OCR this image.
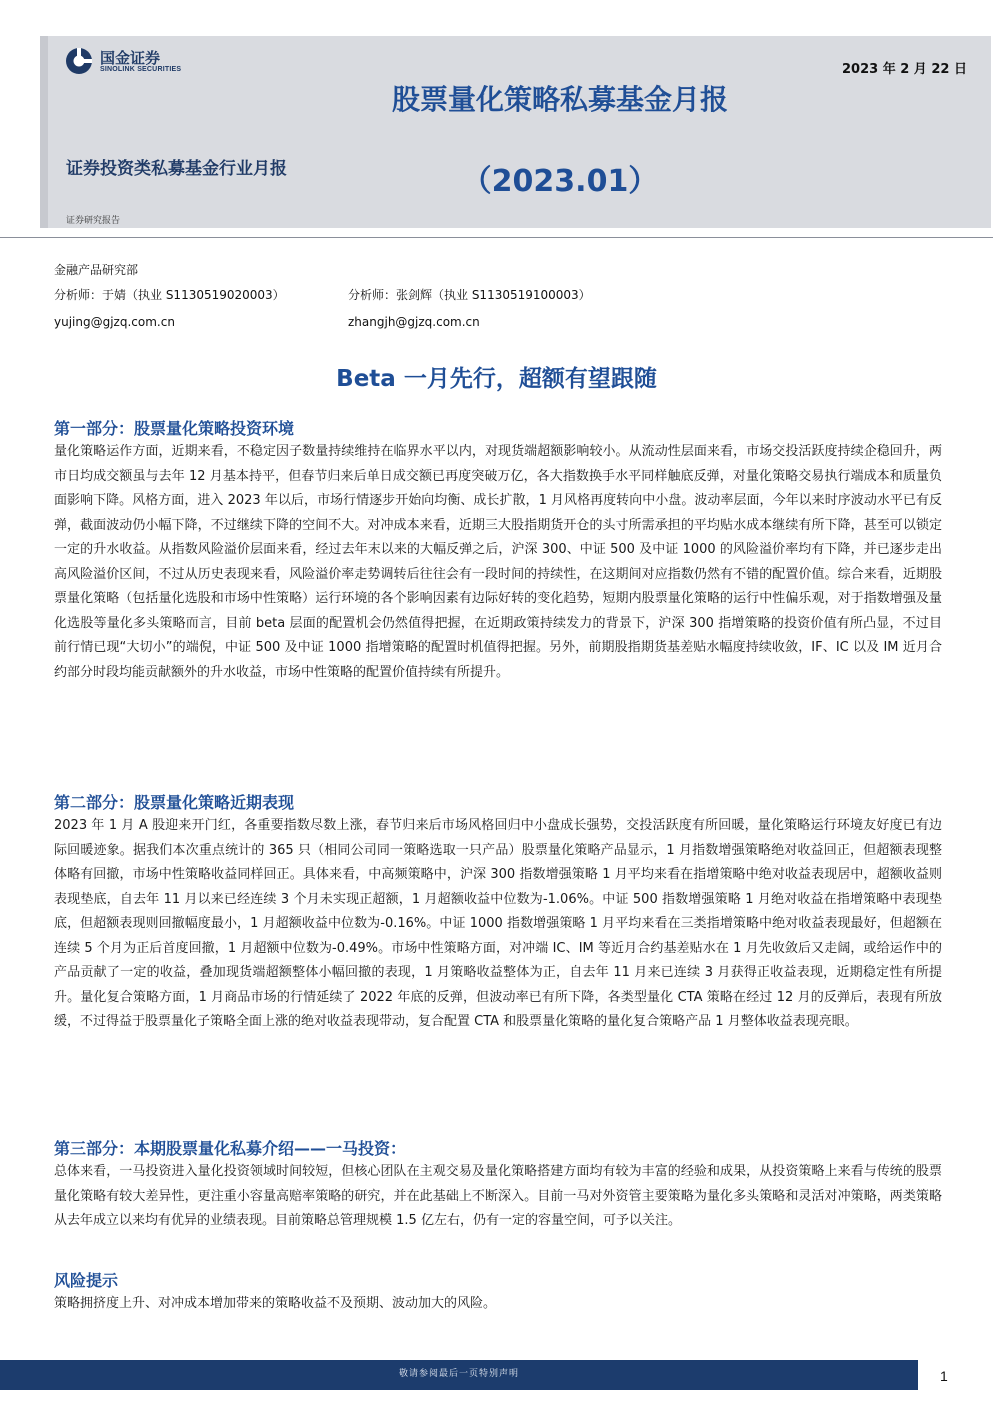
国金证券
SINOLINK SECURITIES	2023 年 2 月 22 日
股票量化策略私募基金月报
（2023.01）
证券投资类私募基金行业月报
证券研究报告
金融产品研究部
分析师：于婧（执业 S1130519020003）	分析师：张剑辉（执业 S1130519100003）
yujing@gjzq.com.cn	zhangjh@gjzq.com.cn
Beta 一月先行，超额有望跟随
第一部分：股票量化策略投资环境
量化策略运作方面，近期来看，不稳定因子数量持续维持在临界水平以内，对现货端超额影响较小。从流动性层面来看，市场交投活跃度持续企稳回升，两市日均成交额虽与去年 12 月基本持平，但春节归来后单日成交额已再度突破万亿，各大指数换手水平同样触底反弹，对量化策略交易执行端成本和质量负面影响下降。风格方面，进入 2023 年以后，市场行情逐步开始向均衡、成长扩散，1 月风格再度转向中小盘。波动率层面，今年以来时序波动水平已有反弹，截面波动仍小幅下降，不过继续下降的空间不大。对冲成本来看，近期三大股指期货开仓的头寸所需承担的平均贴水成本继续有所下降，甚至可以锁定一定的升水收益。从指数风险溢价层面来看，经过去年末以来的大幅反弹之后，沪深 300、中证 500 及中证 1000 的风险溢价率均有下降，并已逐步走出高风险溢价区间，不过从历史表现来看，风险溢价率走势调转后往往会有一段时间的持续性，在这期间对应指数仍然有不错的配置价值。综合来看，近期股票量化策略（包括量化选股和市场中性策略）运行环境的各个影响因素有边际好转的变化趋势，短期内股票量化策略的运行中性偏乐观，对于指数增强及量化选股等量化多头策略而言，目前 beta 层面的配置机会仍然值得把握，在近期政策持续发力的背景下，沪深 300 指增策略的投资价值有所凸显，不过目前行情已现“大切小”的端倪，中证 500 及中证 1000 指增策略的配置时机值得把握。另外，前期股指期货基差贴水幅度持续收敛，IF、IC 以及 IM 近月合约部分时段均能贡献额外的升水收益，市场中性策略的配置价值持续有所提升。
第二部分：股票量化策略近期表现
2023 年 1 月 A 股迎来开门红，各重要指数尽数上涨，春节归来后市场风格回归中小盘成长强势，交投活跃度有所回暖，量化策略运行环境友好度已有边际回暖迹象。据我们本次重点统计的 365 只（相同公司同一策略选取一只产品）股票量化策略产品显示，1 月指数增强策略绝对收益回正，但超额表现整体略有回撤，市场中性策略收益同样回正。具体来看，中高频策略中，沪深 300 指数增强策略 1 月平均来看在指增策略中绝对收益表现居中，超额收益则表现垫底，自去年 11 月以来已经连续 3 个月未实现正超额，1 月超额收益中位数为-1.06%。中证 500 指数增强策略 1 月绝对收益在指增策略中表现垫底，但超额表现则回撤幅度最小，1 月超额收益中位数为-0.16%。中证 1000 指数增强策略 1 月平均来看在三类指增策略中绝对收益表现最好，但超额在连续 5 个月为正后首度回撤，1 月超额中位数为-0.49%。市场中性策略方面，对冲端 IC、IM 等近月合约基差贴水在 1 月先收敛后又走阔，或给运作中的产品贡献了一定的收益，叠加现货端超额整体小幅回撤的表现，1 月策略收益整体为正，自去年 11 月来已连续 3 月获得正收益表现，近期稳定性有所提升。量化复合策略方面，1 月商品市场的行情延续了 2022 年底的反弹，但波动率已有所下降，各类型量化 CTA 策略在经过 12 月的反弹后，表现有所放缓，不过得益于股票量化子策略全面上涨的绝对收益表现带动，复合配置 CTA 和股票量化策略的量化复合策略产品 1 月整体收益表现亮眼。
第三部分：本期股票量化私募介绍——一马投资：
总体来看，一马投资进入量化投资领域时间较短，但核心团队在主观交易及量化策略搭建方面均有较为丰富的经验和成果，从投资策略上来看与传统的股票量化策略有较大差异性，更注重小容量高赔率策略的研究，并在此基础上不断深入。目前一马对外资管主要策略为量化多头策略和灵活对冲策略，两类策略从去年成立以来均有优异的业绩表现。目前策略总管理规模 1.5 亿左右，仍有一定的容量空间，可予以关注。
风险提示
策略拥挤度上升、对冲成本增加带来的策略收益不及预期、波动加大的风险。
敬请参阅最后一页特别声明	1
